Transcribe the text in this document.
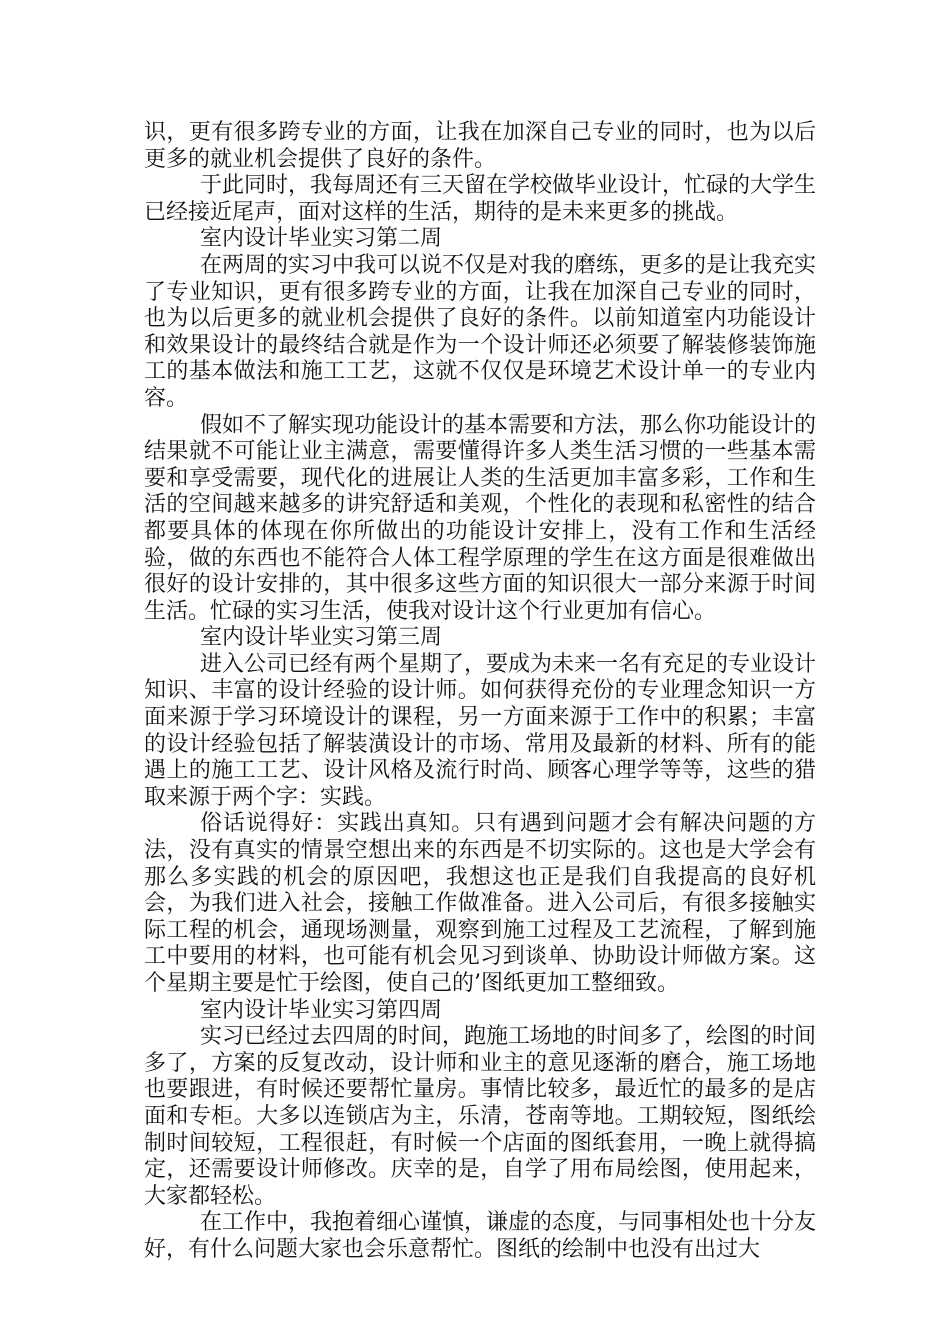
识，更有很多跨专业的方面，让我在加深自己专业的同时，也为以后更多的就业机会提供了良好的条件。

于此同时，我每周还有三天留在学校做毕业设计，忙碌的大学生已经接近尾声，面对这样的生活，期待的是未来更多的挑战。

室内设计毕业实习第二周

在两周的实习中我可以说不仅是对我的磨练，更多的是让我充实了专业知识，更有很多跨专业的方面，让我在加深自己专业的同时，也为以后更多的就业机会提供了良好的条件。以前知道室内功能设计和效果设计的最终结合就是作为一个设计师还必须要了解装修装饰施工的基本做法和施工工艺，这就不仅仅是环境艺术设计单一的专业内容。

假如不了解实现功能设计的基本需要和方法，那么你功能设计的结果就不可能让业主满意，需要懂得许多人类生活习惯的一些基本需要和享受需要，现代化的进展让人类的生活更加丰富多彩，工作和生活的空间越来越多的讲究舒适和美观，个性化的表现和私密性的结合都要具体的体现在你所做出的功能设计安排上，没有工作和生活经验，做的东西也不能符合人体工程学原理的学生在这方面是很难做出很好的设计安排的，其中很多这些方面的知识很大一部分来源于时间生活。忙碌的实习生活，使我对设计这个行业更加有信心。

室内设计毕业实习第三周

进入公司已经有两个星期了，要成为未来一名有充足的专业设计知识、丰富的设计经验的设计师。如何获得充份的专业理念知识一方面来源于学习环境设计的课程，另一方面来源于工作中的积累；丰富的设计经验包括了解装潢设计的市场、常用及最新的材料、所有的能遇上的施工工艺、设计风格及流行时尚、顾客心理学等等，这些的猎取来源于两个字：实践。

俗话说得好：实践出真知。只有遇到问题才会有解决问题的方法，没有真实的情景空想出来的东西是不切实际的。这也是大学会有那么多实践的机会的原因吧，我想这也正是我们自我提高的良好机会，为我们进入社会，接触工作做准备。进入公司后，有很多接触实际工程的机会，通现场测量，观察到施工过程及工艺流程，了解到施工中要用的材料，也可能有机会见习到谈单、协助设计师做方案。这个星期主要是忙于绘图，使自己的’图纸更加工整细致。

室内设计毕业实习第四周

实习已经过去四周的时间，跑施工场地的时间多了，绘图的时间多了，方案的反复改动，设计师和业主的意见逐渐的磨合，施工场地也要跟进，有时候还要帮忙量房。事情比较多，最近忙的最多的是店面和专柜。大多以连锁店为主，乐清，苍南等地。工期较短，图纸绘制时间较短，工程很赶，有时候一个店面的图纸套用，一晚上就得搞定，还需要设计师修改。庆幸的是，自学了用布局绘图，使用起来，大家都轻松。

在工作中，我抱着细心谨慎，谦虚的态度，与同事相处也十分友好，有什么问题大家也会乐意帮忙。图纸的绘制中也没有出过大
